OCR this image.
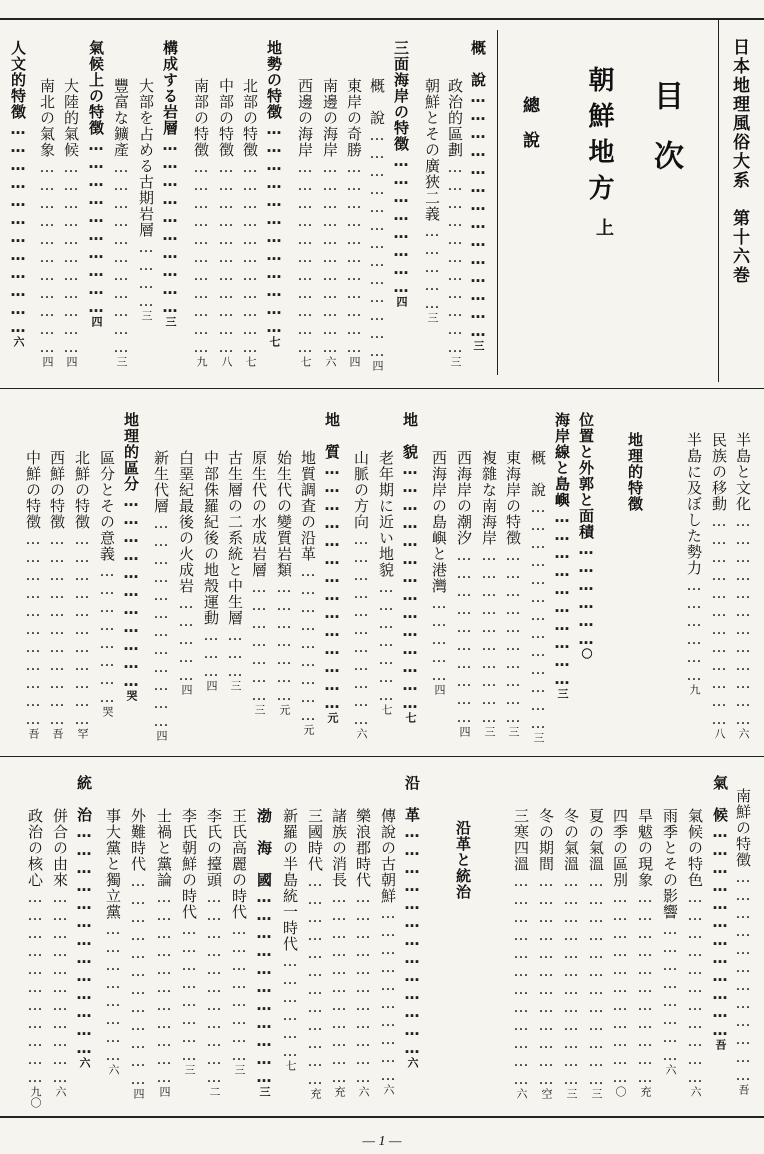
目次
朝鮮地方
上
總說	日本地理風俗大系　第十六巻
概　說……………………………………三
政治的區劃……………………………三
朝鮮とその廣狹二義……………三
三面海岸の特徴……………………四
概　說…………………………………四
東岸の奇勝……………………………四
南邊の海岸……………………………六
西邊の海岸……………………………七
地勢の特徴………………………………七
北部の特徴……………………………七
中部の特徴……………………………八
南部の特徴……………………………九
構成する岩層…………………………三
大部を占める古期岩層…………三
豐富な鑛產……………………………三
氣候上の特徴…………………………四
大陸的氣候……………………………四
南北の氣象……………………………四
人文的特徴………………………………六
半島と文化………………………………六
民族の移動………………………………八
半島に及ぼした勢力………………九
地理的特徴
位置と外郭と面積………………〇
海岸線と島嶼…………………………三
概　說…………………………………三
東海岸の特徴…………………………三
複雜な南海岸…………………………三
西海岸の潮汐…………………………四
西海岸の島嶼と港灣……………四
地　貌……………………………………七
老年期に近い地貌…………………七
山脈の方向……………………………六
地　質……………………………………元
地質調査の沿革………………………元
始生代の變質岩類…………………元
原生代の水成岩層…………………三
古生層の二系統と中生層………三
中部侏羅紀後の地殼運動………四
白堊紀最後の火成岩……………四
新生代層………………………………四
地理的區分……………………………哭
區分とその意義……………………哭
北鮮の特徴……………………………罕
西鮮の特徴……………………………吾
中鮮の特徴……………………………吾
南鮮の特徴………………………………吾
氣　候………………………………吾
氣候の特色……………………………六
雨季とその影響……………………六
旱魃の現象……………………………充
四季の區別……………………………〇
夏の氣溫………………………………三
冬の氣溫………………………………三
冬の期間………………………………空
三寒四溫………………………………六
沿革と統治
沿　革…………………………………六
傳說の古朝鮮…………………………六
樂浪郡時代……………………………六
諸族の消長……………………………充
三國時代………………………………充
新羅の半島統一時代………………七
渤　海　國……………………………三
王氏高麗の時代……………………三
李氏の擡頭……………………………二
李氏朝鮮の時代……………………三
士禍と黨論……………………………四
外難時代………………………………四
事大黨と獨立黨……………………六
統　治…………………………………六
併合の由來……………………………六
政治の核心……………………………九〇
— 1 —
